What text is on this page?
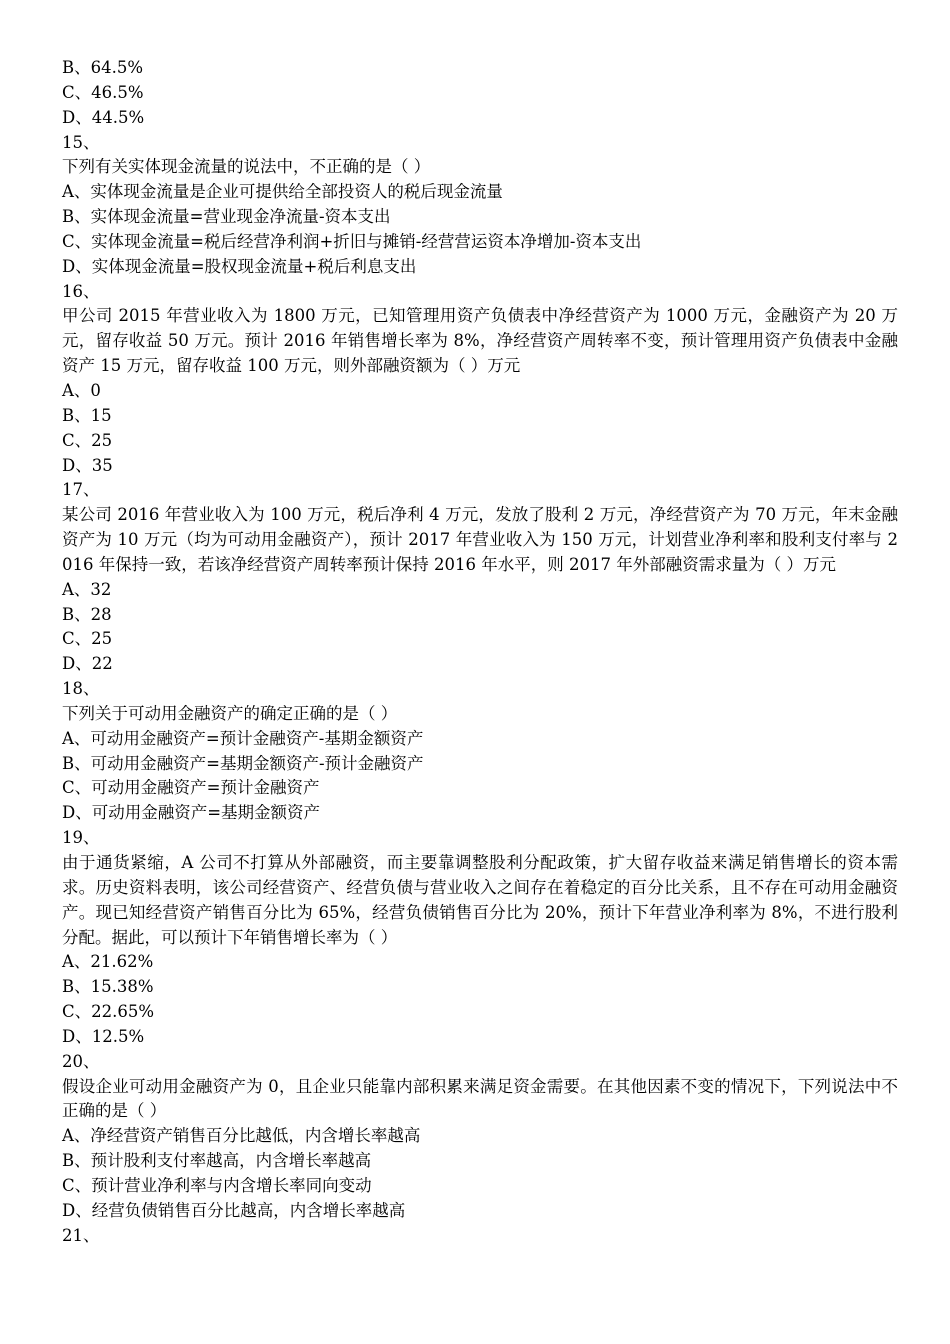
B、64.5%
C、46.5%
D、44.5%
15、
下列有关实体现金流量的说法中，不正确的是（ ）
A、实体现金流量是企业可提供给全部投资人的税后现金流量
B、实体现金流量=营业现金净流量-资本支出
C、实体现金流量=税后经营净利润+折旧与摊销-经营营运资本净增加-资本支出
D、实体现金流量=股权现金流量+税后利息支出
16、
甲公司 2015 年营业收入为 1800 万元，已知管理用资产负债表中净经营资产为 1000 万元，金融资产为 20 万元，留存收益 50 万元。预计 2016 年销售增长率为 8%，净经营资产周转率不变，预计管理用资产负债表中金融资产 15 万元，留存收益 100 万元，则外部融资额为（ ）万元
A、0
B、15
C、25
D、35
17、
某公司 2016 年营业收入为 100 万元，税后净利 4 万元，发放了股利 2 万元，净经营资产为 70 万元，年末金融资产为 10 万元（均为可动用金融资产），预计 2017 年营业收入为 150 万元，计划营业净利率和股利支付率与 2016 年保持一致，若该净经营资产周转率预计保持 2016 年水平，则 2017 年外部融资需求量为（ ）万元
A、32
B、28
C、25
D、22
18、
下列关于可动用金融资产的确定正确的是（ ）
A、可动用金融资产=预计金融资产-基期金额资产
B、可动用金融资产=基期金额资产-预计金融资产
C、可动用金融资产=预计金融资产
D、可动用金融资产=基期金额资产
19、
由于通货紧缩，A 公司不打算从外部融资，而主要靠调整股利分配政策，扩大留存收益来满足销售增长的资本需求。历史资料表明，该公司经营资产、经营负债与营业收入之间存在着稳定的百分比关系，且不存在可动用金融资产。现已知经营资产销售百分比为 65%，经营负债销售百分比为 20%，预计下年营业净利率为 8%，不进行股利分配。据此，可以预计下年销售增长率为（ ）
A、21.62%
B、15.38%
C、22.65%
D、12.5%
20、
假设企业可动用金融资产为 0，且企业只能靠内部积累来满足资金需要。在其他因素不变的情况下，下列说法中不正确的是（ ）
A、净经营资产销售百分比越低，内含增长率越高
B、预计股利支付率越高，内含增长率越高
C、预计营业净利率与内含增长率同向变动
D、经营负债销售百分比越高，内含增长率越高
21、
